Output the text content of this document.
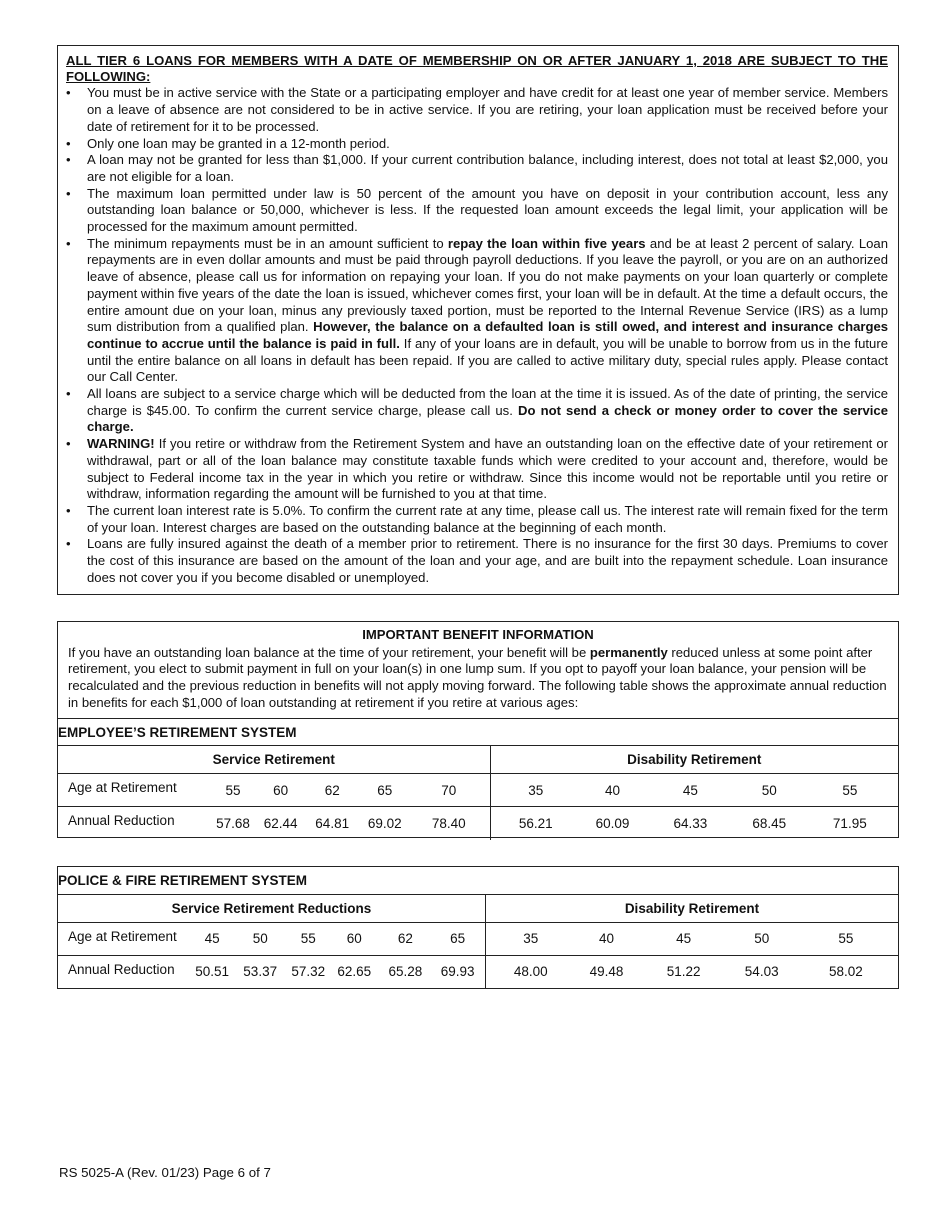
ALL TIER 6 LOANS FOR MEMBERS WITH A DATE OF MEMBERSHIP ON OR AFTER JANUARY 1, 2018 ARE SUBJECT TO THE FOLLOWING:
• You must be in active service with the State or a participating employer and have credit for at least one year of member service. Members on a leave of absence are not considered to be in active service. If you are retiring, your loan application must be received before your date of retirement for it to be processed.
• Only one loan may be granted in a 12-month period.
• A loan may not be granted for less than $1,000. If your current contribution balance, including interest, does not total at least $2,000, you are not eligible for a loan.
• The maximum loan permitted under law is 50 percent of the amount you have on deposit in your contribution account, less any outstanding loan balance or 50,000, whichever is less. If the requested loan amount exceeds the legal limit, your application will be processed for the maximum amount permitted.
• The minimum repayments must be in an amount sufficient to repay the loan within five years and be at least 2 percent of salary. Loan repayments are in even dollar amounts and must be paid through payroll deductions. If you leave the payroll, or you are on an authorized leave of absence, please call us for information on repaying your loan. If you do not make payments on your loan quarterly or complete payment within five years of the date the loan is issued, whichever comes first, your loan will be in default. At the time a default occurs, the entire amount due on your loan, minus any previously taxed portion, must be reported to the Internal Revenue Service (IRS) as a lump sum distribution from a qualified plan. However, the balance on a defaulted loan is still owed, and interest and insurance charges continue to accrue until the balance is paid in full. If any of your loans are in default, you will be unable to borrow from us in the future until the entire balance on all loans in default has been repaid. If you are called to active military duty, special rules apply. Please contact our Call Center.
• All loans are subject to a service charge which will be deducted from the loan at the time it is issued. As of the date of printing, the service charge is $45.00. To confirm the current service charge, please call us. Do not send a check or money order to cover the service charge.
• WARNING! If you retire or withdraw from the Retirement System and have an outstanding loan on the effective date of your retirement or withdrawal, part or all of the loan balance may constitute taxable funds which were credited to your account and, therefore, would be subject to Federal income tax in the year in which you retire or withdraw. Since this income would not be reportable until you retire or withdraw, information regarding the amount will be furnished to you at that time.
• The current loan interest rate is 5.0%. To confirm the current rate at any time, please call us. The interest rate will remain fixed for the term of your loan. Interest charges are based on the outstanding balance at the beginning of each month.
• Loans are fully insured against the death of a member prior to retirement. There is no insurance for the first 30 days. Premiums to cover the cost of this insurance are based on the amount of the loan and your age, and are built into the repayment schedule. Loan insurance does not cover you if you become disabled or unemployed.
IMPORTANT BENEFIT INFORMATION
If you have an outstanding loan balance at the time of your retirement, your benefit will be permanently reduced unless at some point after retirement, you elect to submit payment in full on your loan(s) in one lump sum. If you opt to payoff your loan balance, your pension will be recalculated and the previous reduction in benefits will not apply moving forward. The following table shows the approximate annual reduction in benefits for each $1,000 of loan outstanding at retirement if you retire at various ages:
EMPLOYEE’S RETIREMENT SYSTEM										
Service Retirement						Disability Retirement				
Age at Retirement	55	60	62	65	70	35	40	45	50	55
Annual Reduction	57.68	62.44	64.81	69.02	78.40	56.21	60.09	64.33	68.45	71.95
POLICE & FIRE RETIREMENT SYSTEM											
Service Retirement Reductions							Disability Retirement				
Age at Retirement	45	50	55	60	62	65	35	40	45	50	55
Annual Reduction	50.51	53.37	57.32	62.65	65.28	69.93	48.00	49.48	51.22	54.03	58.02
RS 5025-A (Rev. 01/23) Page 6 of 7
